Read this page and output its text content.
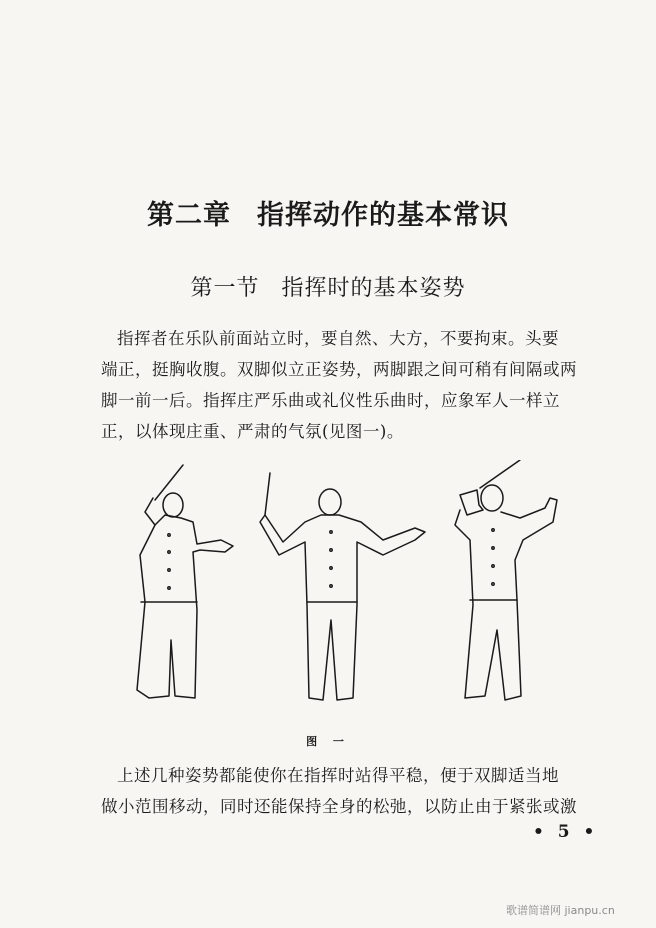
第二章 指挥动作的基本常识
第一节 指挥时的基本姿势
指挥者在乐队前面站立时，要自然、大方，不要拘束。头要
端正，挺胸收腹。双脚似立正姿势，两脚跟之间可稍有间隔或两
脚一前一后。指挥庄严乐曲或礼仪性乐曲时，应象军人一样立
正，以体现庄重、严肃的气氛(见图一)。
图 一
上述几种姿势都能使你在指挥时站得平稳，便于双脚适当地
做小范围移动，同时还能保持全身的松弛，以防止由于紧张或激
• 5 •
歌谱简谱网 jianpu.cn
